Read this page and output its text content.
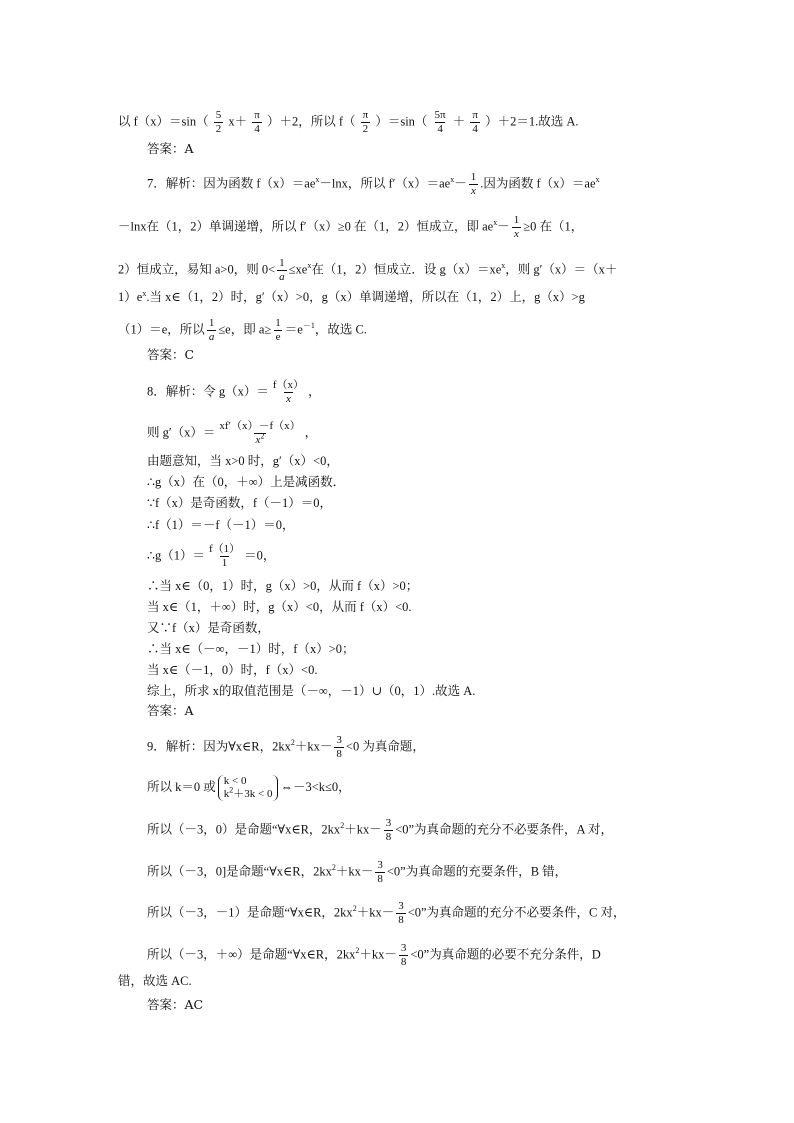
以 $f(x)=\sin( \frac{5}{2} x+ \frac{\pi}{4} )+2$，所以 $f( \frac{\pi}{2} )=\sin( \frac{5\pi}{4} + \frac{\pi}{4} )+2=1$.故选 A.
答案：A
7．解析：因为函数 $f(x)=ae^x-\ln x$，所以 $f'(x)=ae^x- \frac{1}{x}$ .因为函数 $f(x)=ae^x$
－lnx在（1，2）单调递增，所以 f′（x）≥0 在（1，2）恒成立，即 $ae^x- \frac{1}{x} \ge 0$ 在（1，
2）恒成立，易知 a>0，则 $0< \frac{1}{a} \le xe^x$在（1，2）恒成立．设 $g(x)=xe^x$，则 g′（x）＝（x＋
$1)e^x$.当 x∈（1，2）时，g′（x）>0，g（x）单调递增，所以在（1，2）上，g（x）>g
（1）＝e，所以 $\frac{1}{a} \le e$，即 $a\ge \frac{1}{e} =e^{-1}$，故选 C.
答案：C
8．解析：令 $g(x)= \frac{f(x)}{x}$ ，
则 $g'(x)= \frac{xf'(x)-f(x)}{x^2}$ ，
由题意知，当 x>0 时，g′（x）<0，
∴g（x）在（0，＋∞）上是减函数．
∵f（x）是奇函数，f（－1）＝0，
∴f（1）＝－f（－1）＝0，
∴g（1）＝ $\frac{f(1)}{1} =0$，
∴当 x∈（0，1）时，g（x）>0，从而 f（x）>0；
当 x∈（1，＋∞）时，g（x）<0，从而 f（x）<0.
又∵f（x）是奇函数，
∴当 x∈（－∞，－1）时，f（x）>0；
当 x∈（－1，0）时，f（x）<0.
综上，所求 x的取值范围是（－∞，－1）∪（0，1）.故选 A.
答案：A
9．解析：因为∀x∈R，$2kx^2+kx- \frac{3}{8} <0$ 为真命题，
所以 k＝0 或 k < 0
$k^2+3k < 0$
⇔－3<k≤0，
所以（－3，0）是命题“∀x∈R，$2kx^2+kx- \frac{3}{8} <0$”为真命题的充分不必要条件，A 对，
所以（－3，0]是命题“∀x∈R，$2kx^2+kx- \frac{3}{8} <0$”为真命题的充要条件，B 错，
所以（－3，－1）是命题“∀x∈R，$2kx^2+kx- \frac{3}{8} <0$”为真命题的充分不必要条件，C 对，
所以（－3，＋∞）是命题“∀x∈R，$2kx^2+kx- \frac{3}{8} <0$”为真命题的必要不充分条件，D
错，故选 AC.
答案：AC
